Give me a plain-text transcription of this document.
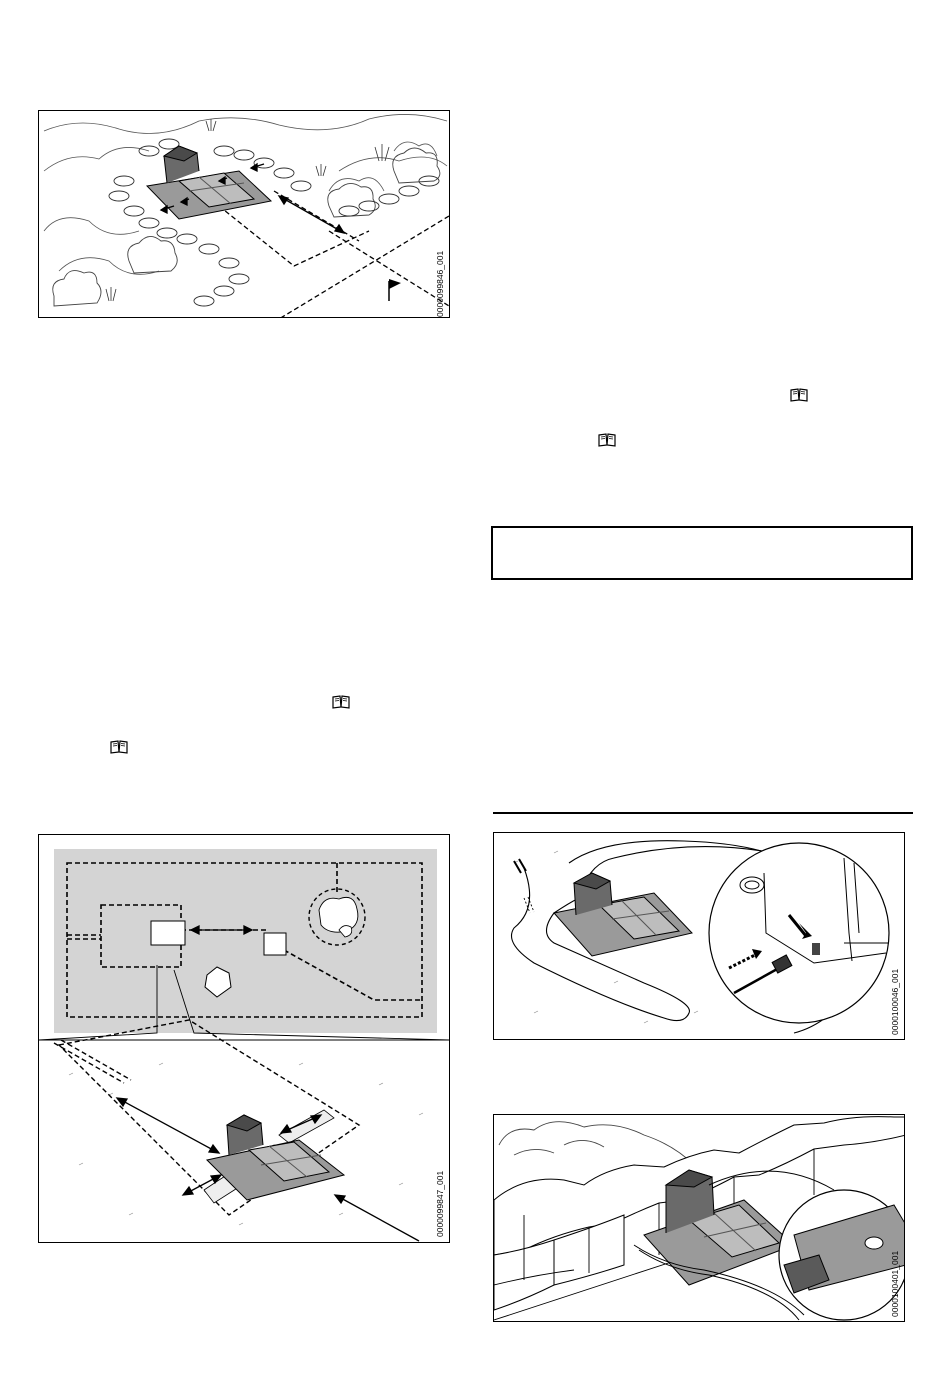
0000099846_001
0000099847_001
0000100046_001
0000100401_001
